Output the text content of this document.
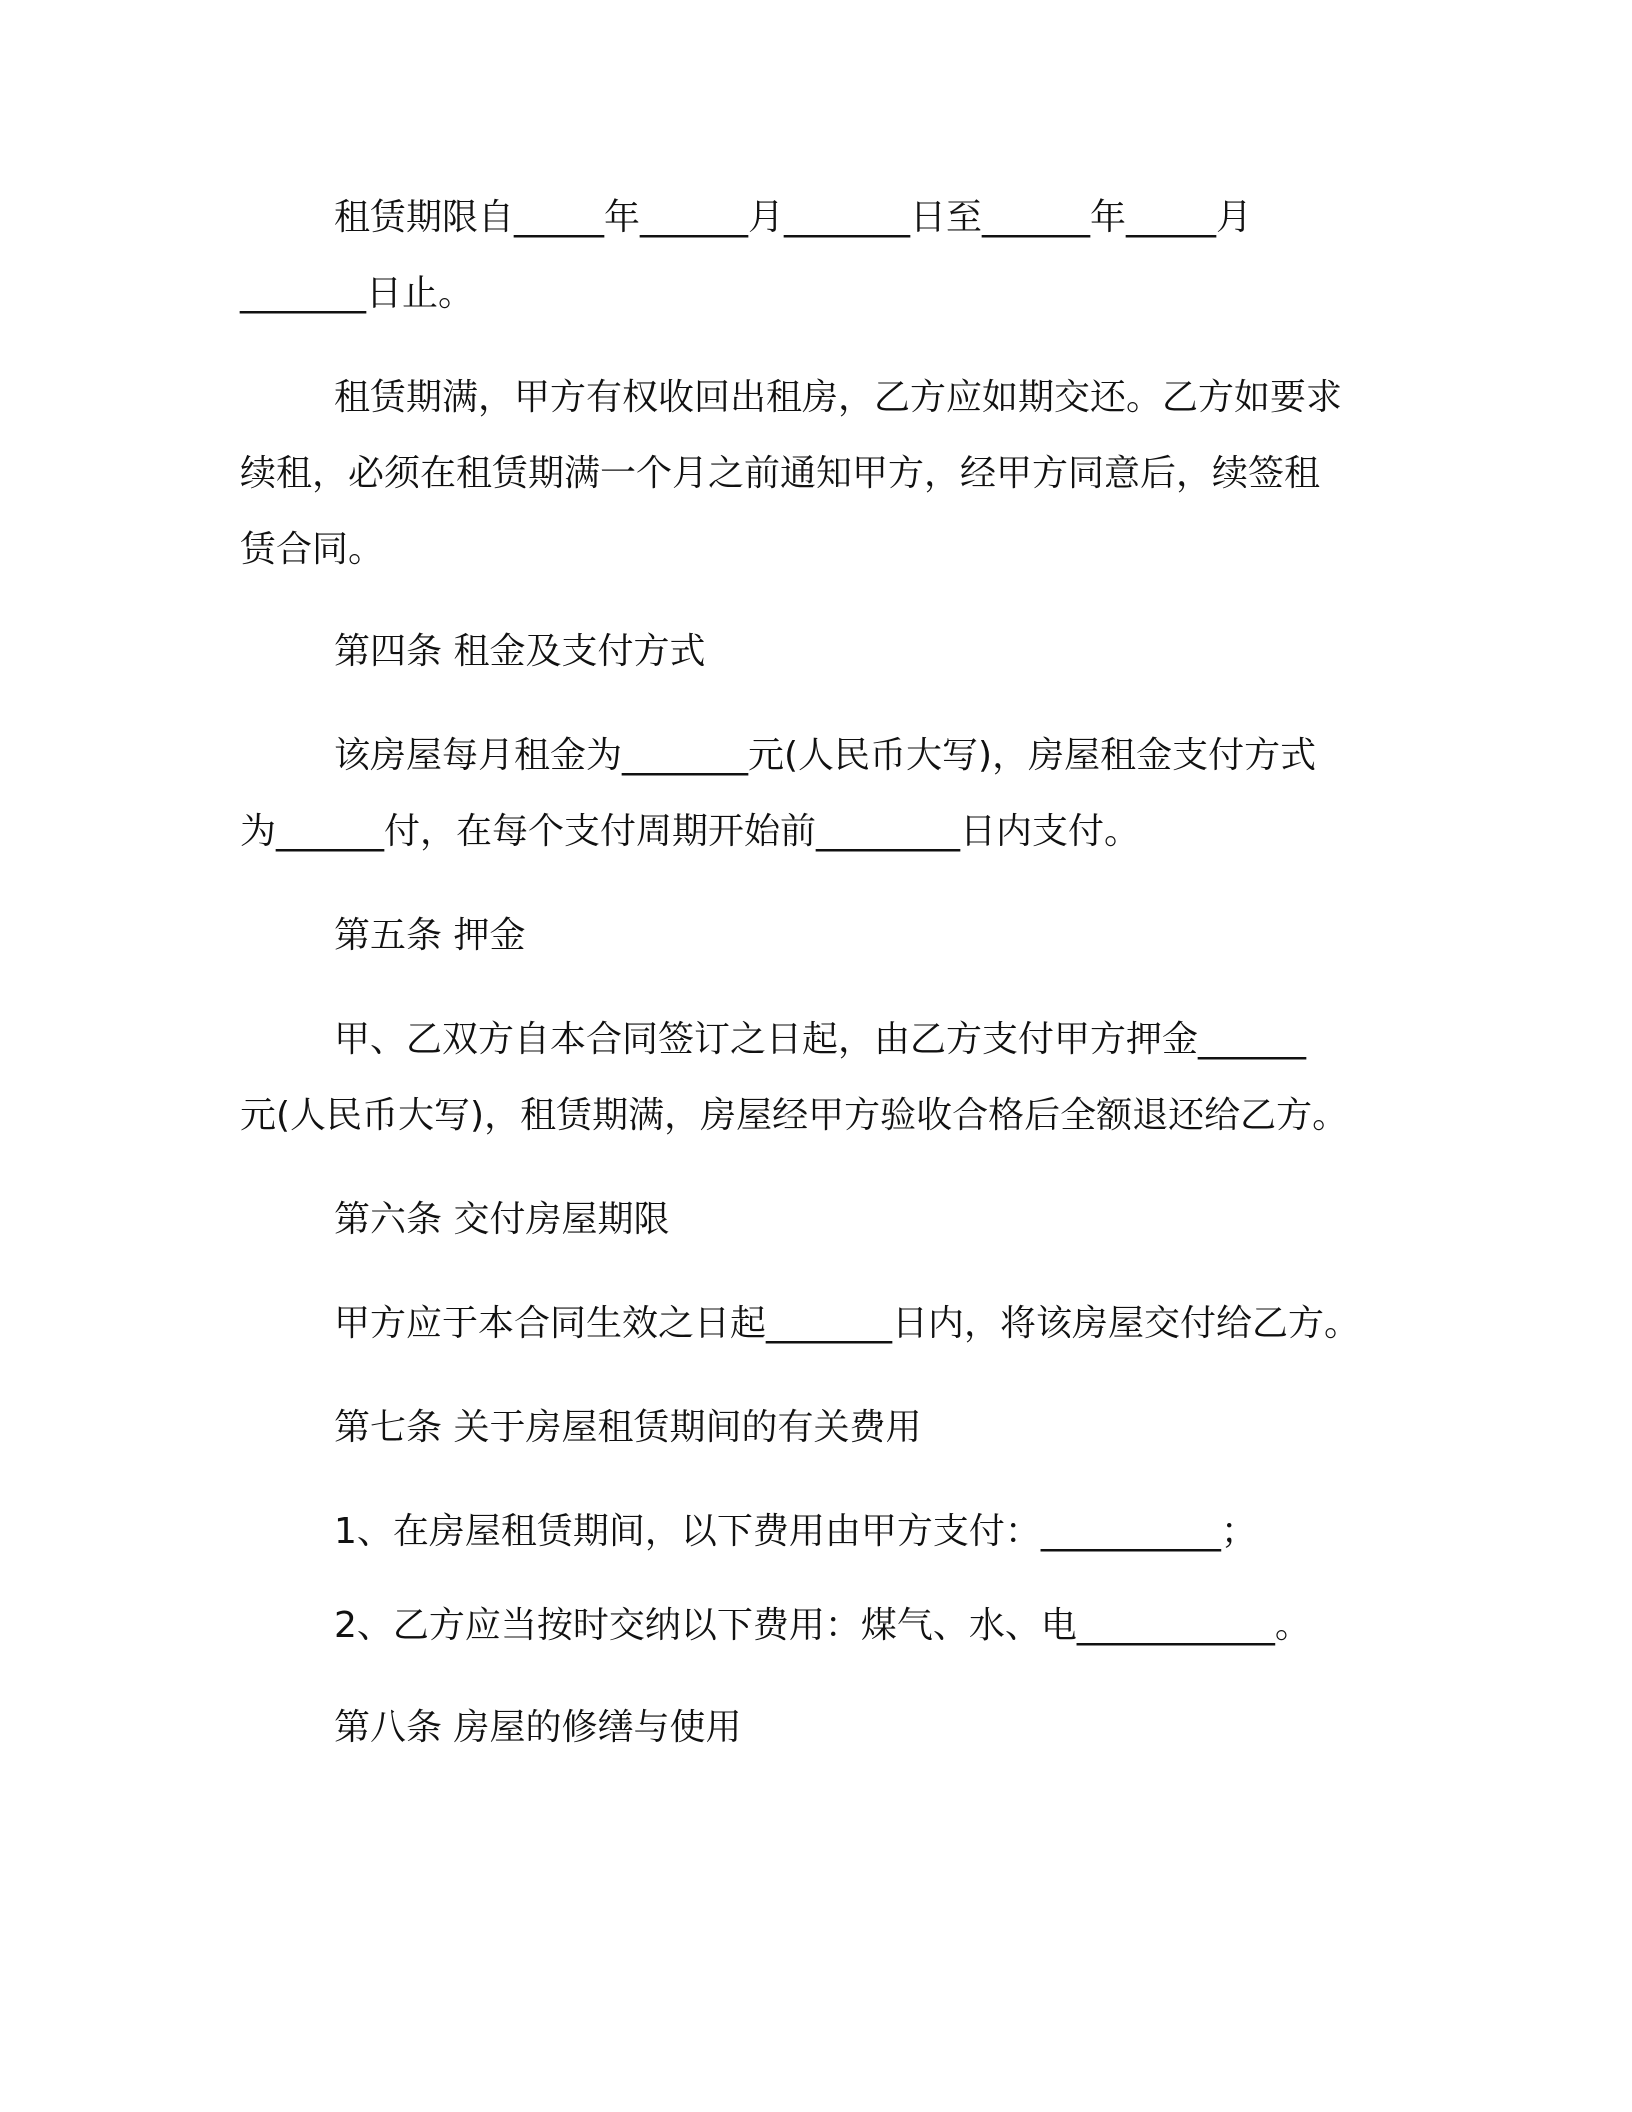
租赁期限自_____年______月_______日至______年_____月
_______日止。
租赁期满，甲方有权收回出租房，乙方应如期交还。乙方如要求
续租，必须在租赁期满一个月之前通知甲方，经甲方同意后，续签租
赁合同。
第四条 租金及支付方式
该房屋每月租金为_______元(人民币大写)，房屋租金支付方式
为______付，在每个支付周期开始前________日内支付。
第五条 押金
甲、乙双方自本合同签订之日起，由乙方支付甲方押金______
元(人民币大写)，租赁期满，房屋经甲方验收合格后全额退还给乙方。
第六条 交付房屋期限
甲方应于本合同生效之日起_______日内，将该房屋交付给乙方。
第七条 关于房屋租赁期间的有关费用
1、在房屋租赁期间，以下费用由甲方支付：__________；
2、乙方应当按时交纳以下费用：煤气、水、电___________。
第八条 房屋的修缮与使用
